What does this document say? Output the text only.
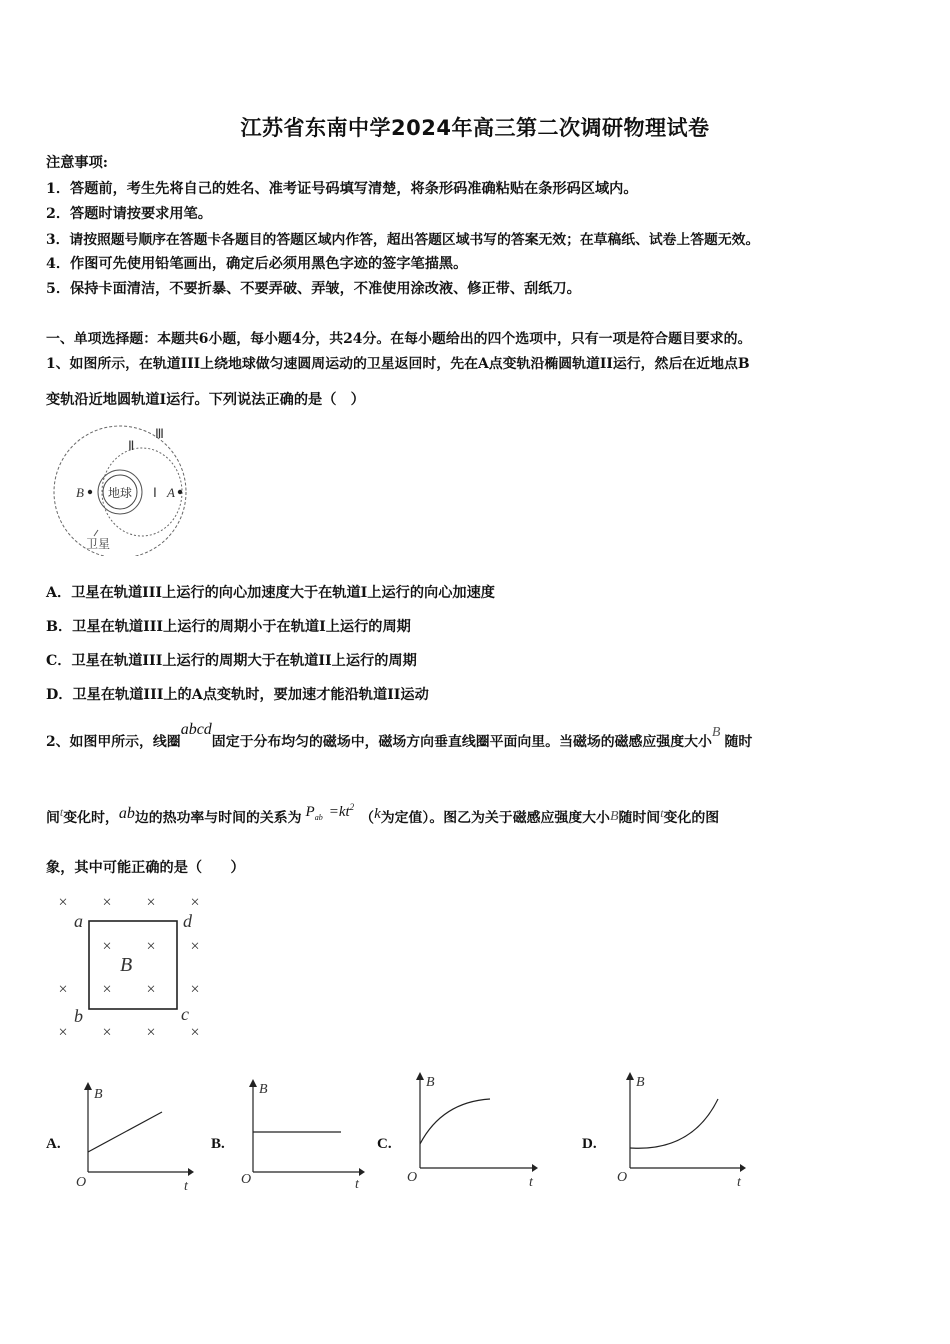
江苏省东南中学2024年高三第二次调研物理试卷
注意事项:
1．答题前，考生先将自己的姓名、准考证号码填写清楚，将条形码准确粘贴在条形码区域内。
2．答题时请按要求用笔。
3．请按照题号顺序在答题卡各题目的答题区域内作答，超出答题区域书写的答案无效；在草稿纸、试卷上答题无效。
4．作图可先使用铅笔画出，确定后必须用黑色字迹的签字笔描黑。
5．保持卡面清洁，不要折暴、不要弄破、弄皱，不准使用涂改液、修正带、刮纸刀。
一、单项选择题：本题共6小题，每小题4分，共24分。在每小题给出的四个选项中，只有一项是符合题目要求的。
1、如图所示，在轨道III上绕地球做匀速圆周运动的卫星返回时，先在A点变轨沿椭圆轨道II运行，然后在近地点B
变轨沿近地圆轨道I运行。下列说法正确的是（　）
地球
B	A
Ⅰ
Ⅱ
Ⅲ
卫星
A．卫星在轨道III上运行的向心加速度大于在轨道I上运行的向心加速度
B．卫星在轨道III上运行的周期小于在轨道I上运行的周期
C．卫星在轨道III上运行的周期大于在轨道II上运行的周期
D．卫星在轨道III上的A点变轨时，要加速才能沿轨道II运动
2、如图甲所示，线圈abcd固定于分布均匀的磁场中，磁场方向垂直线圈平面向里。当磁场的磁感应强度大小B随时
间t变化时，ab边的热功率与时间的关系为 $P_{ab} =kt^2(k$为定值）。图乙为关于磁感应强度大小B随时间t变化的图
象，其中可能正确的是（　　）
× × × ×
× × ×
× × × ×
× × × ×
a	d
b	c
B
A.
B
O	t
B.
B
O	t
C.
B
O	t
D.
B
O	t
